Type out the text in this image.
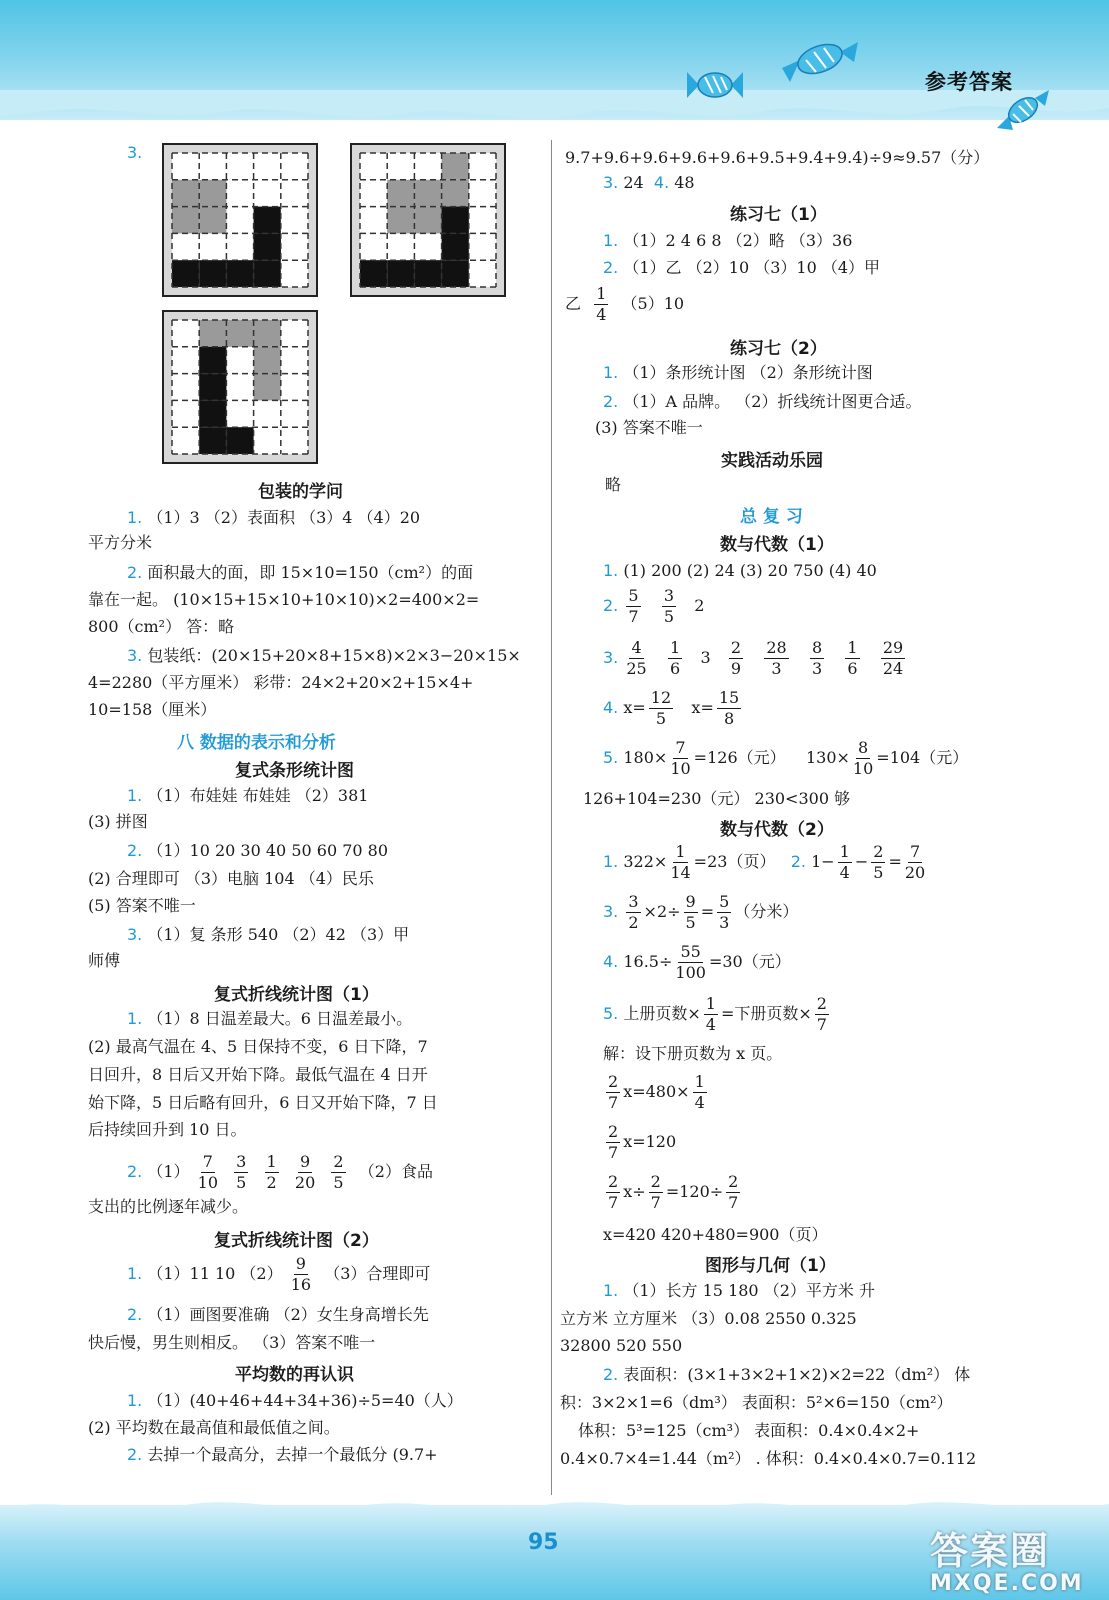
参考答案
95	答案圈
MXQE.COM
3.
包装的学问
1. （1）3 （2）表面积 （3）4 （4）20
平方分米
2. 面积最大的面，即 15×10=150（cm²）的面
靠在一起。 (10×15+15×10+10×10)×2=400×2=
800（cm²） 答：略
3. 包装纸：(20×15+20×8+15×8)×2×3−20×15×
4=2280（平方厘米） 彩带：24×2+20×2+15×4+
10=158（厘米）
八 数据的表示和分析
复式条形统计图
1. （1）布娃娃 布娃娃 （2）381
(3) 拼图
2. （1）10 20 30 40 50 60 70 80
(2) 合理即可 （3）电脑 104 （4）民乐
(5) 答案不唯一
3. （1）复 条形 540 （2）42 （3）甲
师傅
复式折线统计图（1）
1. （1）8 日温差最大。6 日温差最小。
(2) 最高气温在 4、5 日保持不变，6 日下降，7
日回升，8 日后又开始下降。最低气温在 4 日开
始下降，5 日后略有回升，6 日又开始下降，7 日
后持续回升到 10 日。
2. $(1) \frac{7}{10}$
$\frac{3}{5}$
$\frac{1}{2}$
$\frac{9}{20}$
$\frac{2}{5} (2)$食品
支出的比例逐年减少。
复式折线统计图（2）
1. （1）11 10 $(2) \frac{9}{16} (3)$合理即可
2. （1）画图要准确 （2）女生身高增长先
快后慢，男生则相反。 （3）答案不唯一
平均数的再认识
1. （1）(40+46+44+34+36)÷5=40（人）
(2) 平均数在最高值和最低值之间。
2. 去掉一个最高分，去掉一个最低分 (9.7+
9.7+9.6+9.6+9.6+9.6+9.5+9.4+9.4)÷9≈9.57（分）
3. 24 4. 48
练习七（1）
1. （1）2 4 6 8 （2）略 （3）36
2. （1）乙 （2）10 （3）10 （4）甲
乙 $\frac{1}{4} (5)10$
练习七（2）
1. （1）条形统计图 （2）条形统计图
2. （1）A 品牌。 （2）折线统计图更合适。
(3) 答案不唯一
实践活动乐园
略
总 复 习
数与代数（1）
1. (1) 200 (2) 24 (3) 20 750 (4) 40
2. $\frac{5}{7}$
$\frac{3}{5} 2$
3. $\frac{4}{25}$
$\frac{1}{6} 3 \frac{2}{9}$
$\frac{28}{3}$
$\frac{8}{3}$
$\frac{1}{6}$
$\frac{29}{24}$
4. $x= \frac{12}{5} x= \frac{15}{8}$
5. $180\times \frac{7}{10} =126$（元） $130\times \frac{8}{10} =104$（元）
126+104=230（元） 230<300 够
数与代数（2）
1. $322\times \frac{1}{14} =23$（页） 2. $1- \frac{1}{4} - \frac{2}{5} = \frac{7}{20}$
3. $\frac{3}{2} \times 2\div \frac{9}{5} = \frac{5}{3}$ （分米）
4. $16.5\div \frac{55}{100} =30$（元）
5. 上册页数× $\frac{1}{4}$ =下册页数× $\frac{2}{7}$
解：设下册页数为 x 页。
$\frac{2}{7} x=480\times \frac{1}{4}$
$\frac{2}{7} x=120$
$\frac{2}{7} x\div \frac{2}{7} =120\div \frac{2}{7}$
x=420 420+480=900（页）
图形与几何（1）
1. （1）长方 15 180 （2）平方米 升
立方米 立方厘米 （3）0.08 2550 0.325
32800 520 550
2. 表面积：(3×1+3×2+1×2)×2=22（dm²） 体
积：3×2×1=6（dm³） 表面积：5²×6=150（cm²）
体积：5³=125（cm³） 表面积：0.4×0.4×2+
0.4×0.7×4=1.44（m²） . 体积：0.4×0.4×0.7=0.112
